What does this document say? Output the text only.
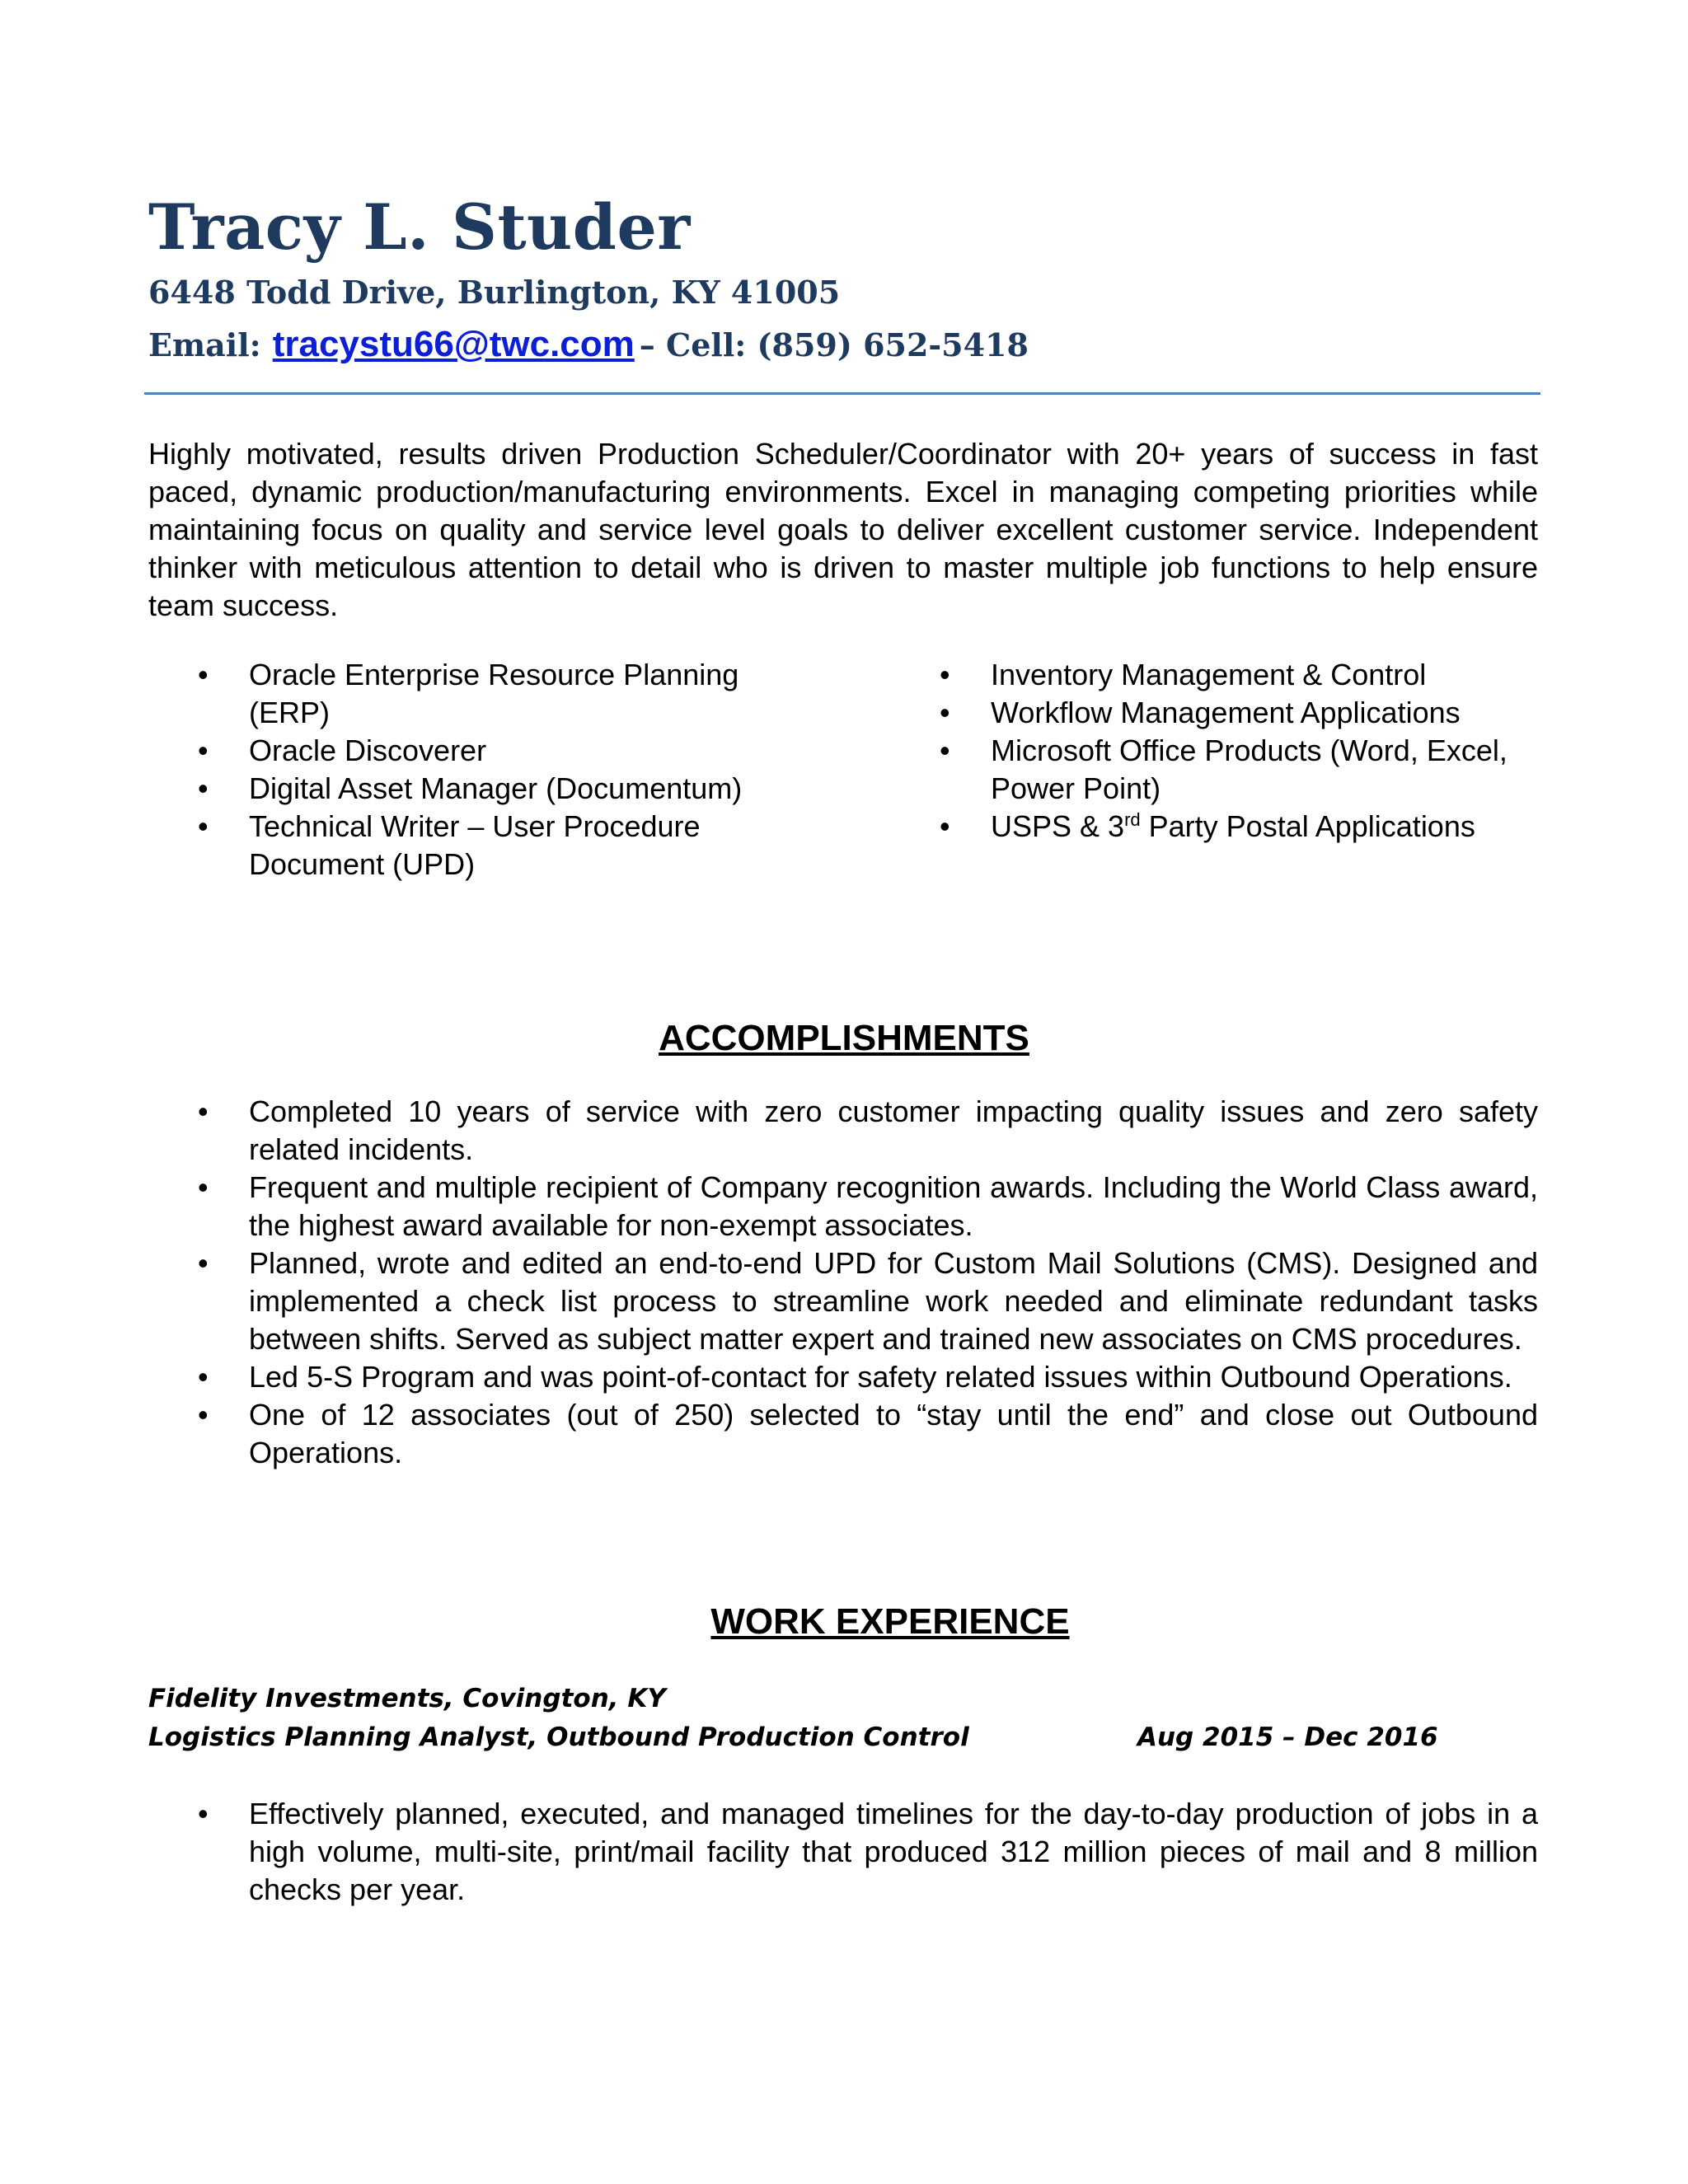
Tracy L. Studer
6448 Todd Drive, Burlington, KY 41005
Email: tracystu66@twc.com – Cell: (859) 652-5418

Highly motivated, results driven Production Scheduler/Coordinator with 20+ years of success in fast paced, dynamic production/manufacturing environments. Excel in managing competing priorities while maintaining focus on quality and service level goals to deliver excellent customer service. Independent thinker with meticulous attention to detail who is driven to master multiple job functions to help ensure team success.

• Oracle Enterprise Resource Planning (ERP)
• Oracle Discoverer
• Digital Asset Manager (Documentum)
• Technical Writer – User Procedure Document (UPD)
• Inventory Management & Control
• Workflow Management Applications
• Microsoft Office Products (Word, Excel, Power Point)
• USPS & 3rd Party Postal Applications
ACCOMPLISHMENTS
• Completed 10 years of service with zero customer impacting quality issues and zero safety related incidents.
• Frequent and multiple recipient of Company recognition awards. Including the World Class award, the highest award available for non-exempt associates.
• Planned, wrote and edited an end-to-end UPD for Custom Mail Solutions (CMS). Designed and implemented a check list process to streamline work needed and eliminate redundant tasks between shifts. Served as subject matter expert and trained new associates on CMS procedures.
• Led 5-S Program and was point-of-contact for safety related issues within Outbound Operations.
• One of 12 associates (out of 250) selected to “stay until the end” and close out Outbound Operations.
WORK EXPERIENCE
Fidelity Investments, Covington, KY
Logistics Planning Analyst, Outbound Production Control	Aug 2015 – Dec 2016
• Effectively planned, executed, and managed timelines for the day-to-day production of jobs in a high volume, multi-site, print/mail facility that produced 312 million pieces of mail and 8 million checks per year.
